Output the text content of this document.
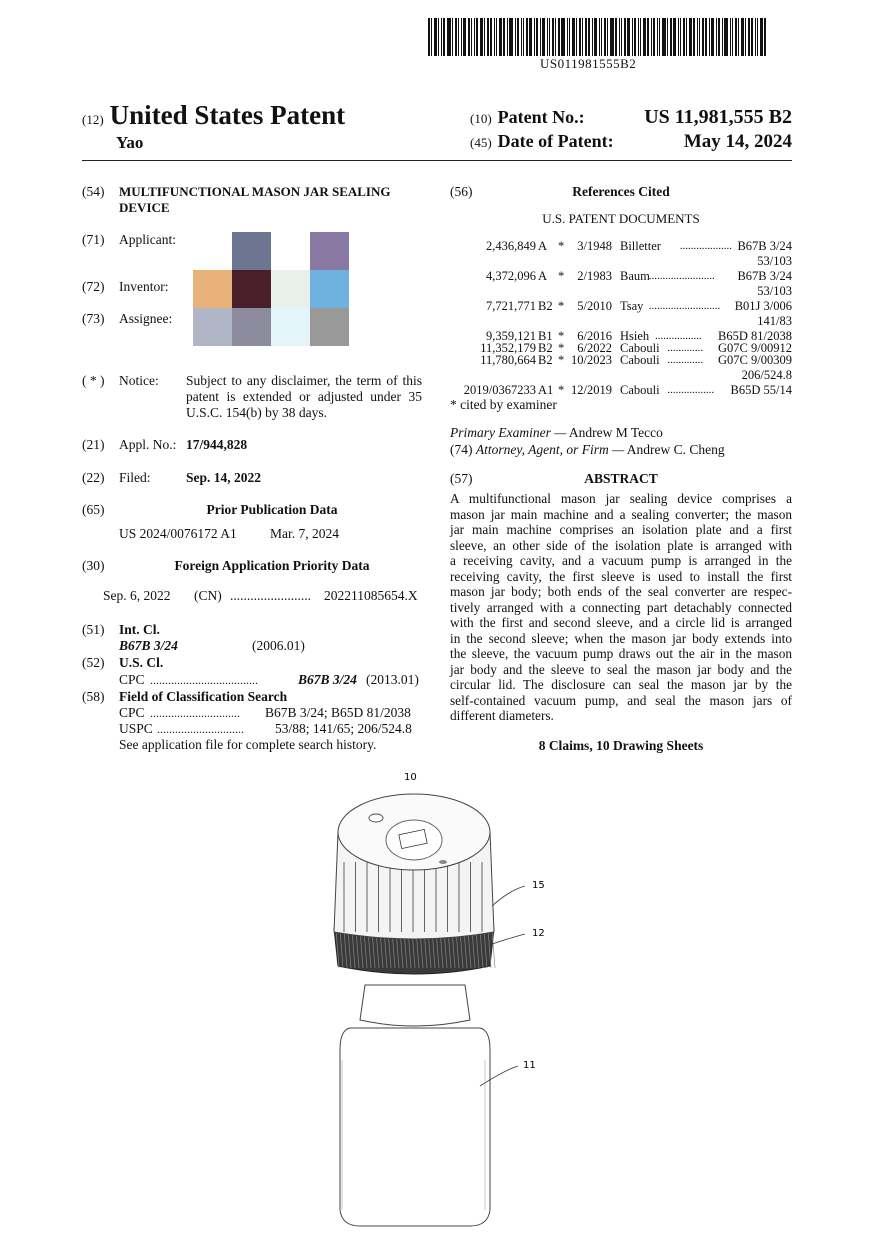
US011981555B2
(12) United States Patent
Yao
(10) Patent No.:	US 11,981,555 B2
(45) Date of Patent:	May 14, 2024
(54)	MULTIFUNCTIONAL MASON JAR SEALING
DEVICE
(71)	Applicant:
(72)	Inventor:
(73)	Assignee:
( * )	Notice: Subject to any disclaimer, the term of this
patent is extended or adjusted under 35
U.S.C. 154(b) by 38 days.
(21)	Appl. No.: 17/944,828
(22)	Filed:	Sep. 14, 2022
(65)	Prior Publication Data
US 2024/0076172 A1 Mar. 7, 2024
(30)	Foreign Application Priority Data
Sep. 6, 2022 (CN) ........................ 202211085654.X
(51)	Int. Cl.
B67B 3/24	(2006.01)
(52)	U.S. Cl.
CPC ....................................	B67B 3/24 (2013.01)
(58)	Field of Classification Search
CPC .............................. B67B 3/24; B65D 81/2038
USPC ............................. 53/88; 141/65; 206/524.8
See application file for complete search history.
(56)	References Cited
U.S. PATENT DOCUMENTS
2,436,849 A *	3/1948 Billetter	B67B 3/24
...................
53/103
4,372,096 A *	2/1983 Baum	B67B 3/24
........................
53/103
7,721,771 B2 *	5/2010 Tsay	B01J 3/006
..........................
141/83
9,359,121 B1 *	6/2016 Hsieh	B65D 81/2038
.................
11,352,179 B2 *	6/2022 Cabouli	G07C 9/00912
.............
11,780,664 B2 * 10/2023 Cabouli	G07C 9/00309
.............
206/524.8
2019/0367233 A1 * 12/2019 Cabouli	B65D 55/14
.................
* cited by examiner
Primary Examiner — Andrew M Tecco
(74) Attorney, Agent, or Firm — Andrew C. Cheng
(57)	ABSTRACT
A multifunctional mason jar sealing device comprises a
mason jar main machine and a sealing converter; the mason
jar main machine comprises an isolation plate and a first
sleeve, an other side of the isolation plate is arranged with
a receiving cavity, and a vacuum pump is arranged in the
receiving cavity, the first sleeve is used to install the first
mason jar body; both ends of the seal converter are respec-
tively arranged with a connecting part detachably connected
with the first and second sleeve, and a circle lid is arranged
in the second sleeve; when the mason jar body extends into
the sleeve, the vacuum pump draws out the air in the mason
jar body and the sleeve to seal the mason jar body and the
circular lid. The disclosure can seal the mason jar by the
self-contained vacuum pump, and seal the mason jars of
different diameters.
8 Claims, 10 Drawing Sheets
10
15
12
11
